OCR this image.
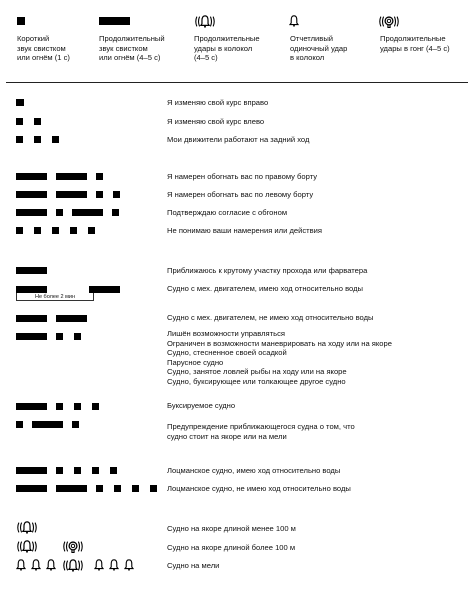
Короткий
звук свистком
или огнём (1 с)
Продолжительный
звук свистком
или огнём (4–5 с)
Продолжительные
удары в колокол
(4–5 с)
Отчетливый
одиночный удар
в колокол
Продолжительные
удары в гонг (4–5 с)
Я изменяю свой курс вправо
Я изменяю свой курс влево
Мои движители работают на задний ход
Я намерен обогнать вас по правому борту
Я намерен обогнать вас по левому борту
Подтверждаю согласие с обгоном
Не понимаю ваши намерения или действия
Приближаюсь к крутому участку прохода или фарватера
Не более 2 мин
Судно с мех. двигателем, имею ход относительно воды
Судно с мех. двигателем, не имею ход относительно воды
Лишён возможности управляться
Ограничен в возможности маневрировать на ходу или на якоре
Судно, стесненное своей осадкой
Парусное судно
Судно, занятое ловлей рыбы на ходу или на якоре
Судно, буксирующее или толкающее другое судно
Буксируемое судно
Предупреждение приближающегося судна о том, что
судно стоит на якоре или на мели
Лоцманское судно, имею ход относительно воды
Лоцманское судно, не имею ход относительно воды
Судно на якоре длиной менее 100 м
Судно на якоре длиной более 100 м
Судно на мели
